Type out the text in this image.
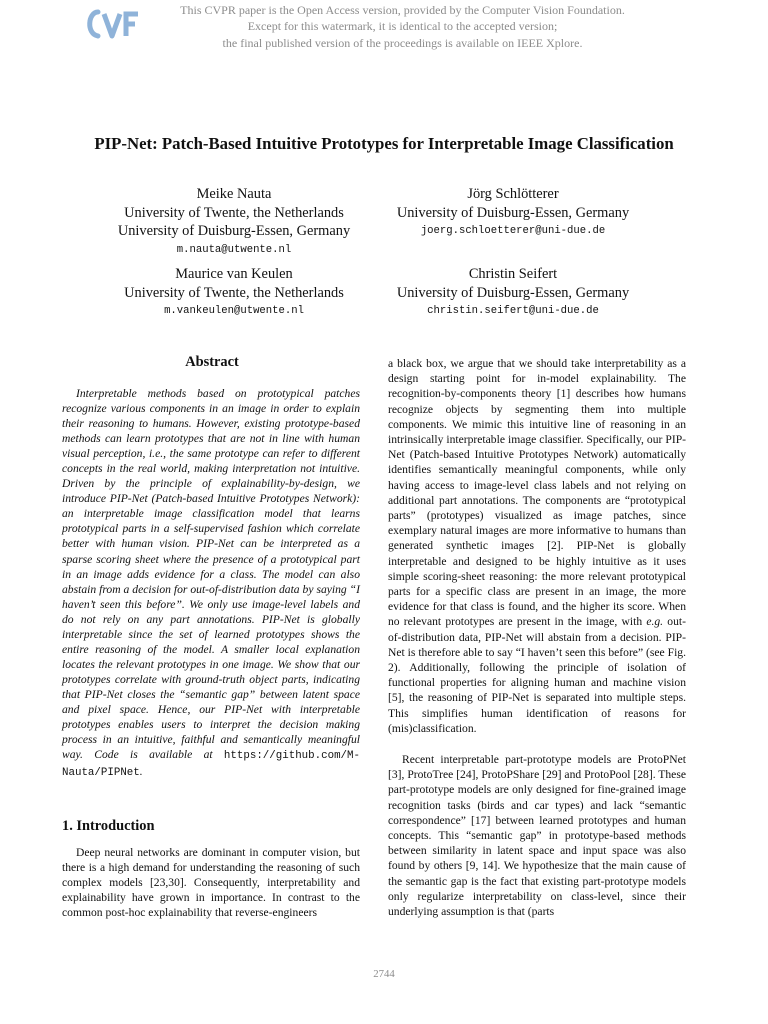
This CVPR paper is the Open Access version, provided by the Computer Vision Foundation.
Except for this watermark, it is identical to the accepted version;
the final published version of the proceedings is available on IEEE Xplore.
PIP-Net: Patch-Based Intuitive Prototypes for Interpretable Image Classification
Meike Nauta
University of Twente, the Netherlands
University of Duisburg-Essen, Germany
m.nauta@utwente.nl
Jörg Schlötterer
University of Duisburg-Essen, Germany
joerg.schloetterer@uni-due.de
Maurice van Keulen
University of Twente, the Netherlands
m.vankeulen@utwente.nl
Christin Seifert
University of Duisburg-Essen, Germany
christin.seifert@uni-due.de
Abstract

Interpretable methods based on prototypical patches recognize various components in an image in order to explain their reasoning to humans. However, existing prototype-based methods can learn prototypes that are not in line with human visual perception, i.e., the same prototype can refer to different concepts in the real world, making interpretation not intuitive. Driven by the principle of explainability-by-design, we introduce PIP-Net (Patch-based Intuitive Prototypes Network): an interpretable image classification model that learns prototypical parts in a self-supervised fashion which correlate better with human vision. PIP-Net can be interpreted as a sparse scoring sheet where the presence of a prototypical part in an image adds evidence for a class. The model can also abstain from a decision for out-of-distribution data by saying “I haven’t seen this before”. We only use image-level labels and do not rely on any part annotations. PIP-Net is globally interpretable since the set of learned prototypes shows the entire reasoning of the model. A smaller local explanation locates the relevant prototypes in one image. We show that our prototypes correlate with ground-truth object parts, indicating that PIP-Net closes the “semantic gap” between latent space and pixel space. Hence, our PIP-Net with interpretable prototypes enables users to interpret the decision making process in an intuitive, faithful and semantically meaningful way. Code is available at https://github.com/M-Nauta/PIPNet.

1. Introduction

Deep neural networks are dominant in computer vision, but there is a high demand for understanding the reasoning of such complex models [23,30]. Consequently, interpretability and explainability have grown in importance. In contrast to the common post-hoc explainability that reverse-engineers

a black box, we argue that we should take interpretability as a design starting point for in-model explainability. The recognition-by-components theory [1] describes how humans recognize objects by segmenting them into multiple components. We mimic this intuitive line of reasoning in an intrinsically interpretable image classifier. Specifically, our PIP-Net (Patch-based Intuitive Prototypes Network) automatically identifies semantically meaningful components, while only having access to image-level class labels and not relying on additional part annotations. The components are “prototypical parts” (prototypes) visualized as image patches, since exemplary natural images are more informative to humans than generated synthetic images [2]. PIP-Net is globally interpretable and designed to be highly intuitive as it uses simple scoring-sheet reasoning: the more relevant prototypical parts for a specific class are present in an image, the more evidence for that class is found, and the higher its score. When no relevant prototypes are present in the image, with e.g. out-of-distribution data, PIP-Net will abstain from a decision. PIP-Net is therefore able to say “I haven’t seen this before” (see Fig. 2). Additionally, following the principle of isolation of functional properties for aligning human and machine vision [5], the reasoning of PIP-Net is separated into multiple steps. This simplifies human identification of reasons for (mis)classification.

Recent interpretable part-prototype models are ProtoPNet [3], ProtoTree [24], ProtoPShare [29] and ProtoPool [28]. These part-prototype models are only designed for fine-grained image recognition tasks (birds and car types) and lack “semantic correspondence” [17] between learned prototypes and human concepts. This “semantic gap” in prototype-based methods between similarity in latent space and input space was also found by others [9, 14]. We hypothesize that the main cause of the semantic gap is the fact that existing part-prototype models only regularize interpretability on class-level, since their underlying assumption is that (parts

2744
